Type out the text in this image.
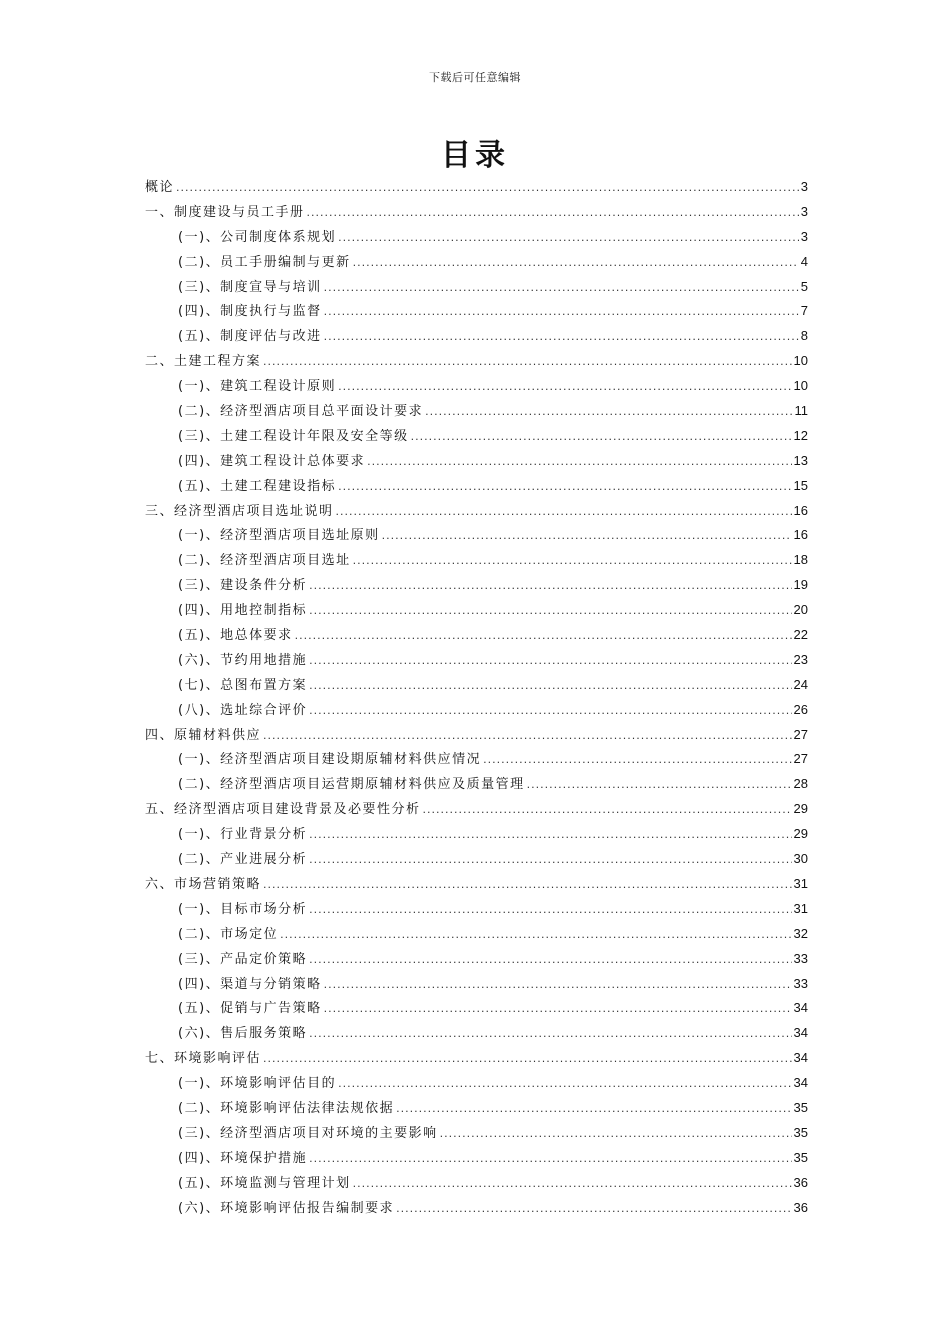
下载后可任意编辑
目录
概论 .....	3
一、制度建设与员工手册 .....	3
(一)、公司制度体系规划 .....	3
(二)、员工手册编制与更新 .....	4
(三)、制度宣导与培训 .....	5
(四)、制度执行与监督 .....	7
(五)、制度评估与改进 .....	8
二、土建工程方案 .....	10
(一)、建筑工程设计原则 .....	10
(二)、经济型酒店项目总平面设计要求 .....	11
(三)、土建工程设计年限及安全等级 .....	12
(四)、建筑工程设计总体要求 .....	13
(五)、土建工程建设指标 .....	15
三、经济型酒店项目选址说明 .....	16
(一)、经济型酒店项目选址原则 .....	16
(二)、经济型酒店项目选址 .....	18
(三)、建设条件分析 .....	19
(四)、用地控制指标 .....	20
(五)、地总体要求 .....	22
(六)、节约用地措施 .....	23
(七)、总图布置方案 .....	24
(八)、选址综合评价 .....	26
四、原辅材料供应 .....	27
(一)、经济型酒店项目建设期原辅材料供应情况 .....	27
(二)、经济型酒店项目运营期原辅材料供应及质量管理 .....	28
五、经济型酒店项目建设背景及必要性分析 .....	29
(一)、行业背景分析 .....	29
(二)、产业进展分析 .....	30
六、市场营销策略 .....	31
(一)、目标市场分析 .....	31
(二)、市场定位 .....	32
(三)、产品定价策略 .....	33
(四)、渠道与分销策略 .....	33
(五)、促销与广告策略 .....	34
(六)、售后服务策略 .....	34
七、环境影响评估 .....	34
(一)、环境影响评估目的 .....	34
(二)、环境影响评估法律法规依据 .....	35
(三)、经济型酒店项目对环境的主要影响 .....	35
(四)、环境保护措施 .....	35
(五)、环境监测与管理计划 .....	36
(六)、环境影响评估报告编制要求 .....	36
